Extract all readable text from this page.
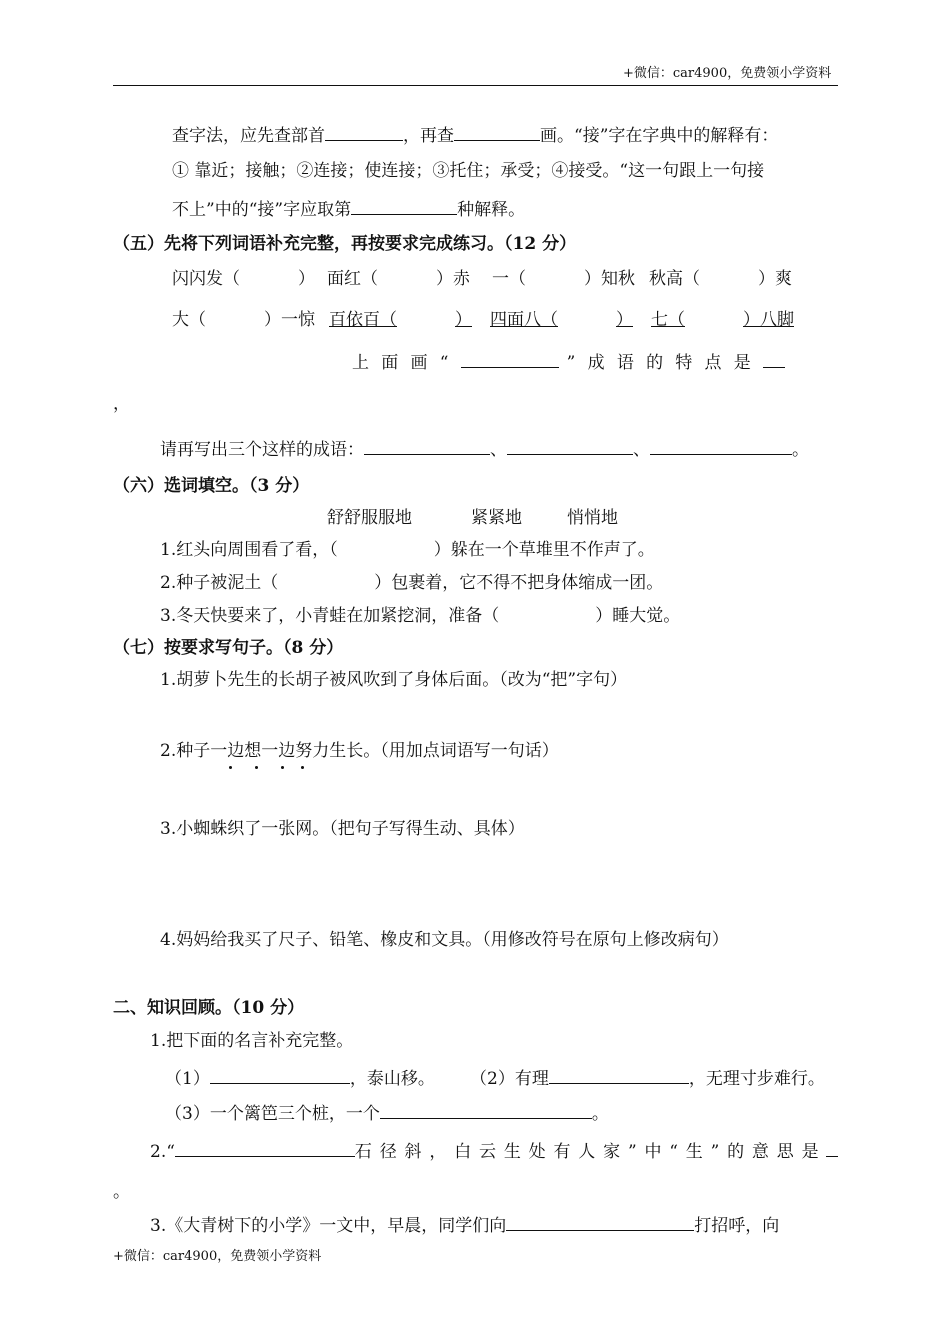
+微信：car4900，免费领小学资料
查字法，应先查部首	，再查	画。“接”字在字典中的解释有：
① 靠近；接触；②连接；使连接；③托住；承受；④接受。“这一句跟上一句接
不上”中的“接”字应取第	种解释。
（五）先将下列词语补充完整，再按要求完成练习。（12 分）
闪闪发（	） 面红（	）赤 一（	）知秋 秋高（	）爽
大（	）一惊 百依百（	） 四面八（	） 七（	）八脚
上面画“	”成语的特点是
，
请再写出三个这样的成语：	、	、	。
（六）选词填空。（3 分）
舒舒服服地	紧紧地	悄悄地
1.红头向周围看了看，（	）躲在一个草堆里不作声了。
2.种子被泥土（	）包裹着，它不得不把身体缩成一团。
3.冬天快要来了，小青蛙在加紧挖洞，准备（	）睡大觉。
（七）按要求写句子。（8 分）
1.胡萝卜先生的长胡子被风吹到了身体后面。（改为“把”字句）
2.种子一边想一边努力生长。（用加点词语写一句话）
3.小蜘蛛织了一张网。（把句子写得生动、具体）
4.妈妈给我买了尺子、铅笔、橡皮和文具。（用修改符号在原句上修改病句）
二、知识回顾。（10 分）
1.把下面的名言补充完整。
（1）	，泰山移。 （2）有理	，无理寸步难行。
（3）一个篱笆三个桩，一个	。
2.“	石径斜，白云生处有人家”中“生”的意思是
。
3.《大青树下的小学》一文中，早晨，同学们向	打招呼，向
+微信：car4900，免费领小学资料
